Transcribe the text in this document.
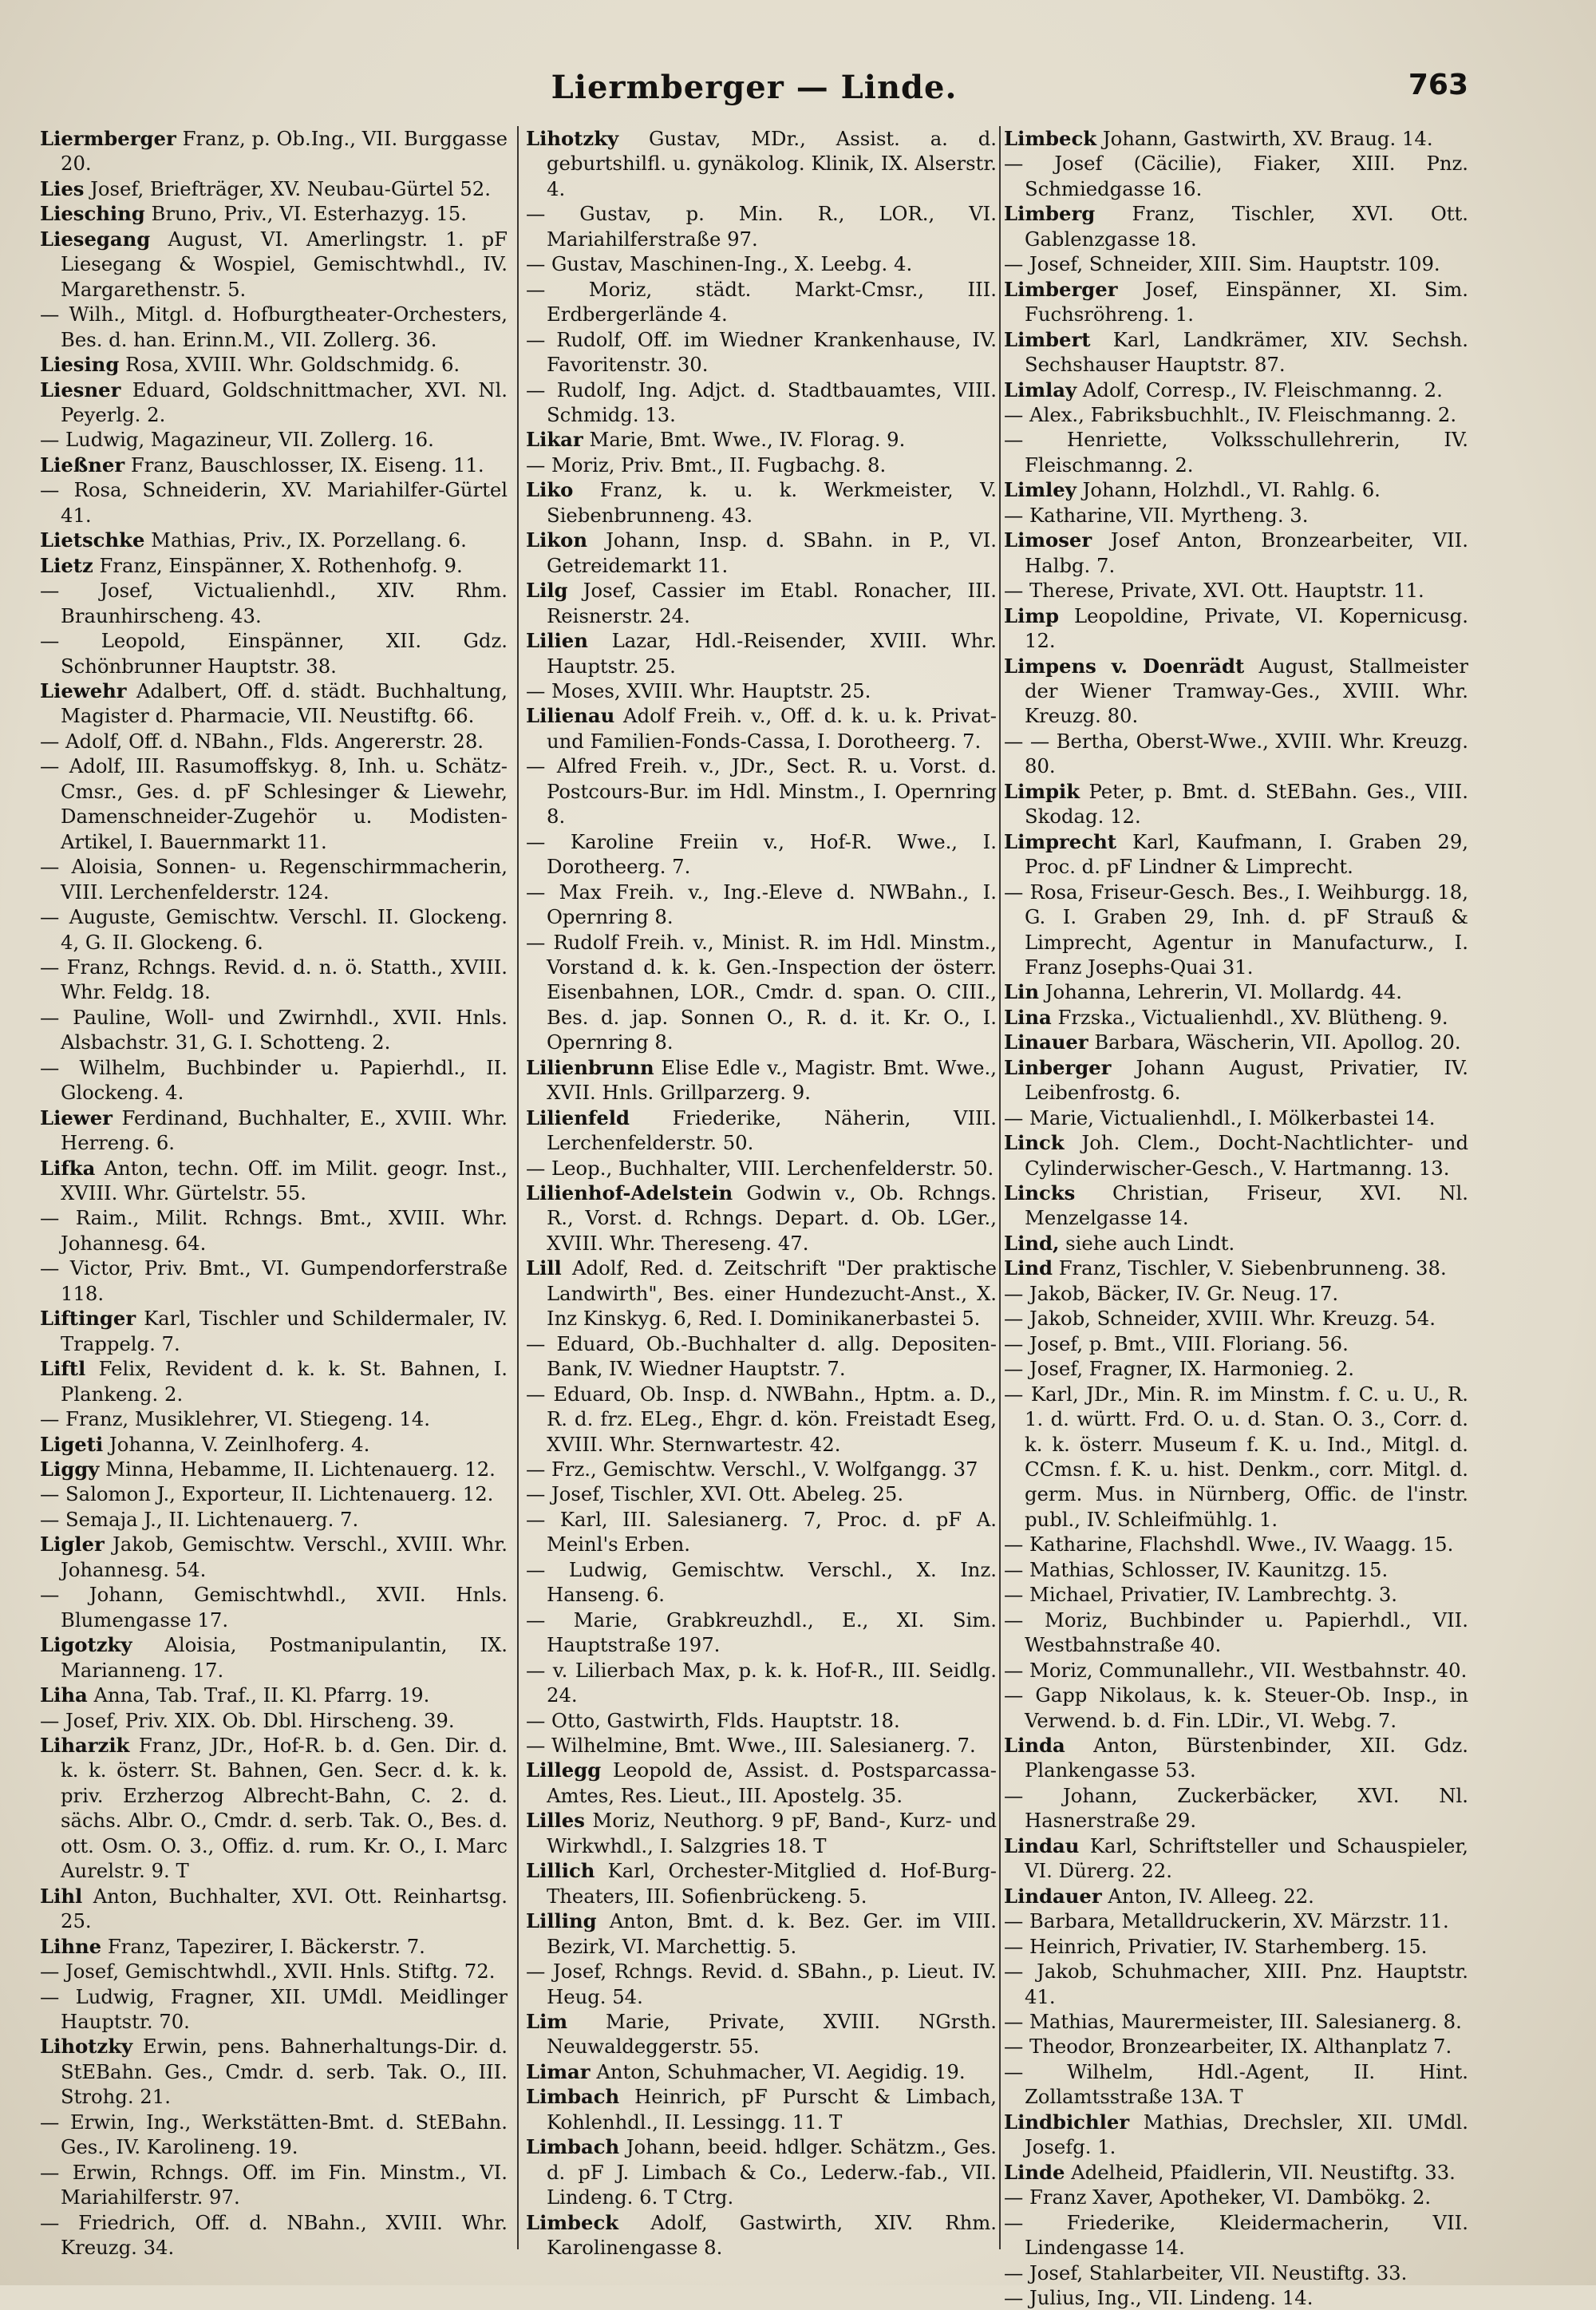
Liermberger — Linde.	763
Liermberger Franz, p. Ob.Ing., VII. Burggasse 20.
Lies Josef, Briefträger, XV. Neubau-Gürtel 52.
Liesching Bruno, Priv., VI. Esterhazyg. 15.
Liesegang August, VI. Amerlingstr. 1. pF Liesegang & Wospiel, Gemischtwhdl., IV. Margarethenstr. 5.
— Wilh., Mitgl. d. Hofburgtheater-Orchesters, Bes. d. han. Erinn.M., VII. Zollerg. 36.
Liesing Rosa, XVIII. Whr. Goldschmidg. 6.
Liesner Eduard, Goldschnittmacher, XVI. Nl. Peyerlg. 2.
— Ludwig, Magazineur, VII. Zollerg. 16.
Ließner Franz, Bauschlosser, IX. Eiseng. 11.
— Rosa, Schneiderin, XV. Mariahilfer-Gürtel 41.
Lietschke Mathias, Priv., IX. Porzellang. 6.
Lietz Franz, Einspänner, X. Rothenhofg. 9.
— Josef, Victualienhdl., XIV. Rhm. Braunhirscheng. 43.
— Leopold, Einspänner, XII. Gdz. Schönbrunner Hauptstr. 38.
Liewehr Adalbert, Off. d. städt. Buchhaltung, Magister d. Pharmacie, VII. Neustiftg. 66.
— Adolf, Off. d. NBahn., Flds. Angererstr. 28.
— Adolf, III. Rasumoffskyg. 8, Inh. u. Schätz-Cmsr., Ges. d. pF Schlesinger & Liewehr, Damenschneider-Zugehör u. Modisten-Artikel, I. Bauernmarkt 11.
— Aloisia, Sonnen- u. Regenschirmmacherin, VIII. Lerchenfelderstr. 124.
— Auguste, Gemischtw. Verschl. II. Glockeng. 4, G. II. Glockeng. 6.
— Franz, Rchngs. Revid. d. n. ö. Statth., XVIII. Whr. Feldg. 18.
— Pauline, Woll- und Zwirnhdl., XVII. Hnls. Alsbachstr. 31, G. I. Schotteng. 2.
— Wilhelm, Buchbinder u. Papierhdl., II. Glockeng. 4.
Liewer Ferdinand, Buchhalter, E., XVIII. Whr. Herreng. 6.
Lifka Anton, techn. Off. im Milit. geogr. Inst., XVIII. Whr. Gürtelstr. 55.
— Raim., Milit. Rchngs. Bmt., XVIII. Whr. Johannesg. 64.
— Victor, Priv. Bmt., VI. Gumpendorferstraße 118.
Liftinger Karl, Tischler und Schildermaler, IV. Trappelg. 7.
Liftl Felix, Revident d. k. k. St. Bahnen, I. Plankeng. 2.
— Franz, Musiklehrer, VI. Stiegeng. 14.
Ligeti Johanna, V. Zeinlhoferg. 4.
Liggy Minna, Hebamme, II. Lichtenauerg. 12.
— Salomon J., Exporteur, II. Lichtenauerg. 12.
— Semaja J., II. Lichtenauerg. 7.
Ligler Jakob, Gemischtw. Verschl., XVIII. Whr. Johannesg. 54.
— Johann, Gemischtwhdl., XVII. Hnls. Blumengasse 17.
Ligotzky Aloisia, Postmanipulantin, IX. Mariannеng. 17.
Liha Anna, Tab. Traf., II. Kl. Pfarrg. 19.
— Josef, Priv. XIX. Ob. Dbl. Hirscheng. 39.
Liharzik Franz, JDr., Hof-R. b. d. Gen. Dir. d. k. k. österr. St. Bahnen, Gen. Secr. d. k. k. priv. Erzherzog Albrecht-Bahn, C. 2. d. sächs. Albr. O., Cmdr. d. serb. Tak. O., Bes. d. ott. Osm. O. 3., Offiz. d. rum. Kr. O., I. Marc Aurelstr. 9. T
Lihl Anton, Buchhalter, XVI. Ott. Reinhartsg. 25.
Lihne Franz, Tapezirer, I. Bäckerstr. 7.
— Josef, Gemischtwhdl., XVII. Hnls. Stiftg. 72.
— Ludwig, Fragner, XII. UMdl. Meidlinger Hauptstr. 70.
Lihotzky Erwin, pens. Bahnerhaltungs-Dir. d. StEBahn. Ges., Cmdr. d. serb. Tak. O., III. Strohg. 21.
— Erwin, Ing., Werkstätten-Bmt. d. StEBahn. Ges., IV. Karolineng. 19.
— Erwin, Rchngs. Off. im Fin. Minstm., VI. Mariahilferstr. 97.
— Friedrich, Off. d. NBahn., XVIII. Whr. Kreuzg. 34.
Lihotzky Gustav, MDr., Assist. a. d. geburtshilfl. u. gynäkolog. Klinik, IX. Alserstr. 4.
— Gustav, p. Min. R., LOR., VI. Mariahilferstraße 97.
— Gustav, Maschinen-Ing., X. Leebg. 4.
— Moriz, städt. Markt-Cmsr., III. Erdbergerlände 4.
— Rudolf, Off. im Wiedner Krankenhause, IV. Favoritenstr. 30.
— Rudolf, Ing. Adjct. d. Stadtbauamtes, VIII. Schmidg. 13.
Likar Marie, Bmt. Wwe., IV. Florag. 9.
— Moriz, Priv. Bmt., II. Fugbachg. 8.
Liko Franz, k. u. k. Werkmeister, V. Siebenbrunneng. 43.
Likon Johann, Insp. d. SBahn. in P., VI. Getreidemarkt 11.
Lilg Josef, Cassier im Etabl. Ronacher, III. Reisnerstr. 24.
Lilien Lazar, Hdl.-Reisender, XVIII. Whr. Hauptstr. 25.
— Moses, XVIII. Whr. Hauptstr. 25.
Lilienau Adolf Freih. v., Off. d. k. u. k. Privat- und Familien-Fonds-Cassa, I. Dorotheerg. 7.
— Alfred Freih. v., JDr., Sect. R. u. Vorst. d. Postcours-Bur. im Hdl. Minstm., I. Opernring 8.
— Karoline Freiin v., Hof-R. Wwe., I. Dorotheerg. 7.
— Max Freih. v., Ing.-Eleve d. NWBahn., I. Opernring 8.
— Rudolf Freih. v., Minist. R. im Hdl. Minstm., Vorstand d. k. k. Gen.-Inspection der österr. Eisenbahnen, LOR., Cmdr. d. span. O. CIII., Bes. d. jap. Sonnen O., R. d. it. Kr. O., I. Opernring 8.
Lilienbrunn Elise Edle v., Magistr. Bmt. Wwe., XVII. Hnls. Grillparzerg. 9.
Lilienfeld Friederike, Näherin, VIII. Lerchenfelderstr. 50.
— Leop., Buchhalter, VIII. Lerchenfelderstr. 50.
Lilienhof-Adelstein Godwin v., Ob. Rchngs. R., Vorst. d. Rchngs. Depart. d. Ob. LGer., XVIII. Whr. Thereseng. 47.
Lill Adolf, Red. d. Zeitschrift "Der praktische Landwirth", Bes. einer Hundezucht-Anst., X. Inz Kinskyg. 6, Red. I. Dominikanerbastei 5.
— Eduard, Ob.-Buchhalter d. allg. Depositen-Bank, IV. Wiedner Hauptstr. 7.
— Eduard, Ob. Insp. d. NWBahn., Hptm. a. D., R. d. frz. ELeg., Ehgr. d. kön. Freistadt Eseg, XVIII. Whr. Sternwartestr. 42.
— Frz., Gemischtw. Verschl., V. Wolfgangg. 37
— Josef, Tischler, XVI. Ott. Abeleg. 25.
— Karl, III. Salesianerg. 7, Proc. d. pF A. Meinl's Erben.
— Ludwig, Gemischtw. Verschl., X. Inz. Hanseng. 6.
— Marie, Grabkreuzhdl., E., XI. Sim. Hauptstraße 197.
— v. Lilierbach Max, p. k. k. Hof-R., III. Seidlg. 24.
— Otto, Gastwirth, Flds. Hauptstr. 18.
— Wilhelmine, Bmt. Wwe., III. Salesianerg. 7.
Lillegg Leopold de, Assist. d. Postsparcassa-Amtes, Res. Lieut., III. Apostelg. 35.
Lilles Moriz, Neuthorg. 9 pF, Band-, Kurz- und Wirkwhdl., I. Salzgries 18. T
Lillich Karl, Orchester-Mitglied d. Hof-Burg-Theaters, III. Sofienbrückeng. 5.
Lilling Anton, Bmt. d. k. Bez. Ger. im VIII. Bezirk, VI. Marchettig. 5.
— Josef, Rchngs. Revid. d. SBahn., p. Lieut. IV. Heug. 54.
Lim Marie, Private, XVIII. NGrsth. Neuwaldeggerstr. 55.
Limar Anton, Schuhmacher, VI. Aegidig. 19.
Limbach Heinrich, pF Purscht & Limbach, Kohlenhdl., II. Lessingg. 11. T
Limbach Johann, beeid. hdlger. Schätzm., Ges. d. pF J. Limbach & Co., Lederw.-fab., VII. Lindeng. 6. T Ctrg.
Limbeck Adolf, Gastwirth, XIV. Rhm. Karolinengasse 8.
Limbeck Johann, Gastwirth, XV. Braug. 14.
— Josef (Cäcilie), Fiaker, XIII. Pnz. Schmiedgasse 16.
Limberg Franz, Tischler, XVI. Ott. Gablenzgasse 18.
— Josef, Schneider, XIII. Sim. Hauptstr. 109.
Limberger Josef, Einspänner, XI. Sim. Fuchsröhreng. 1.
Limbert Karl, Landkrämer, XIV. Sechsh. Sechshauser Hauptstr. 87.
Limlay Adolf, Corresp., IV. Fleischmanng. 2.
— Alex., Fabriksbuchhlt., IV. Fleischmanng. 2.
— Henriette, Volksschullehrerin, IV. Fleischmanng. 2.
Limley Johann, Holzhdl., VI. Rahlg. 6.
— Katharine, VII. Myrtheng. 3.
Limoser Josef Anton, Bronzearbeiter, VII. Halbg. 7.
— Therese, Private, XVI. Ott. Hauptstr. 11.
Limp Leopoldine, Private, VI. Kopernicusg. 12.
Limpens v. Doenrädt August, Stallmeister der Wiener Tramway-Ges., XVIII. Whr. Kreuzg. 80.
— — Bertha, Oberst-Wwe., XVIII. Whr. Kreuzg. 80.
Limpik Peter, p. Bmt. d. StEBahn. Ges., VIII. Skodag. 12.
Limprecht Karl, Kaufmann, I. Graben 29, Proc. d. pF Lindner & Limprecht.
— Rosa, Friseur-Gesch. Bes., I. Weihburgg. 18, G. I. Graben 29, Inh. d. pF Strauß & Limprecht, Agentur in Manufacturw., I. Franz Josephs-Quai 31.
Lin Johanna, Lehrerin, VI. Mollardg. 44.
Lina Frzska., Victualienhdl., XV. Blütheng. 9.
Linauer Barbara, Wäscherin, VII. Apollog. 20.
Linberger Johann August, Privatier, IV. Leibenfrostg. 6.
— Marie, Victualienhdl., I. Mölkerbastei 14.
Linck Joh. Clem., Docht-Nachtlichter- und Cylinderwischer-Gesch., V. Hartmanng. 13.
Lincks Christian, Friseur, XVI. Nl. Menzelgasse 14.
Lind, siehe auch Lindt.
Lind Franz, Tischler, V. Siebenbrunneng. 38.
— Jakob, Bäcker, IV. Gr. Neug. 17.
— Jakob, Schneider, XVIII. Whr. Kreuzg. 54.
— Josef, p. Bmt., VIII. Floriang. 56.
— Josef, Fragner, IX. Harmonieg. 2.
— Karl, JDr., Min. R. im Minstm. f. C. u. U., R. 1. d. württ. Frd. O. u. d. Stan. O. 3., Corr. d. k. k. österr. Museum f. K. u. Ind., Mitgl. d. CCmsn. f. K. u. hist. Denkm., corr. Mitgl. d. germ. Mus. in Nürnberg, Offic. de l'instr. publ., IV. Schleifmühlg. 1.
— Katharine, Flachshdl. Wwe., IV. Waagg. 15.
— Mathias, Schlosser, IV. Kaunitzg. 15.
— Michael, Privatier, IV. Lambrechtg. 3.
— Moriz, Buchbinder u. Papierhdl., VII. Westbahnstraße 40.
— Moriz, Communallehr., VII. Westbahnstr. 40.
— Gapp Nikolaus, k. k. Steuer-Ob. Insp., in Verwend. b. d. Fin. LDir., VI. Webg. 7.
Linda Anton, Bürstenbinder, XII. Gdz. Plankengasse 53.
— Johann, Zuckerbäcker, XVI. Nl. Hasnerstraße 29.
Lindau Karl, Schriftsteller und Schauspieler, VI. Dürerg. 22.
Lindauer Anton, IV. Alleeg. 22.
— Barbara, Metalldruckerin, XV. Märzstr. 11.
— Heinrich, Privatier, IV. Starhemberg. 15.
— Jakob, Schuhmacher, XIII. Pnz. Hauptstr. 41.
— Mathias, Maurermeister, III. Salesianerg. 8.
— Theodor, Bronzearbeiter, IX. Althanplatz 7.
— Wilhelm, Hdl.-Agent, II. Hint. Zollamtsstraße 13A. T
Lindbichler Mathias, Drechsler, XII. UMdl. Josefg. 1.
Linde Adelheid, Pfaidlerin, VII. Neustiftg. 33.
— Franz Xaver, Apotheker, VI. Dambökg. 2.
— Friederike, Kleidermacherin, VII. Lindengasse 14.
— Josef, Stahlarbeiter, VII. Neustiftg. 33.
— Julius, Ing., VII. Lindeng. 14.
